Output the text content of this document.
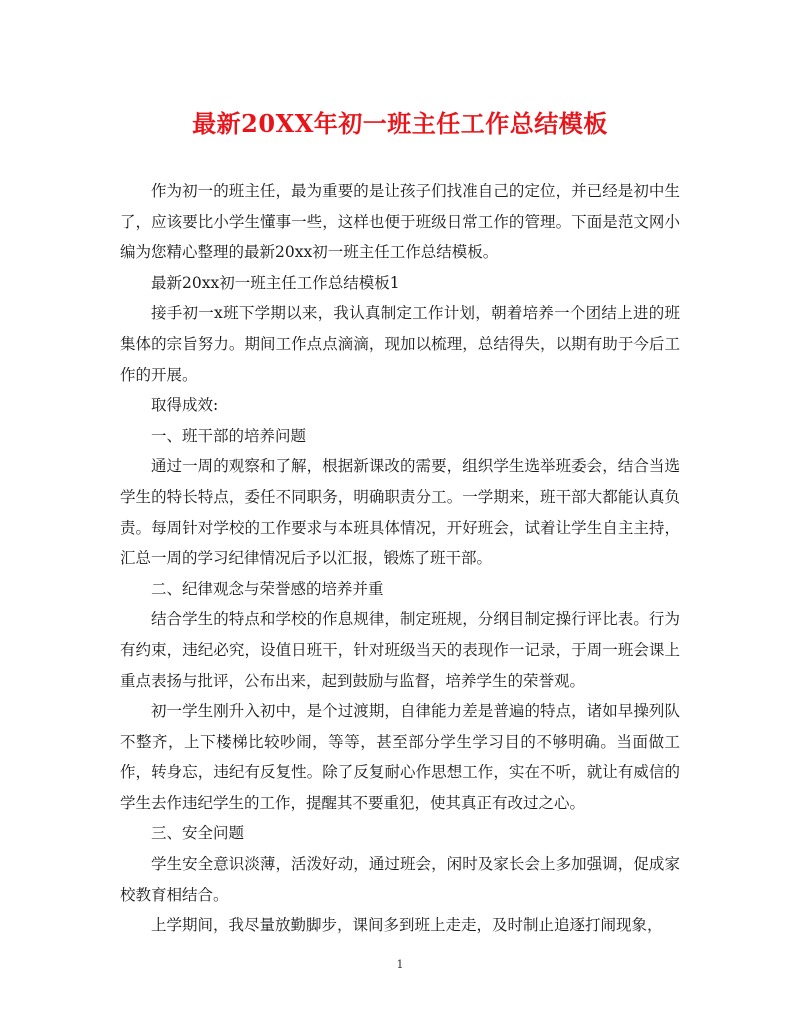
最新20XX年初一班主任工作总结模板

作为初一的班主任，最为重要的是让孩子们找准自己的定位，并已经是初中生了，应该要比小学生懂事一些，这样也便于班级日常工作的管理。下面是范文网小编为您精心整理的最新20xx初一班主任工作总结模板。

最新20xx初一班主任工作总结模板1

接手初一x班下学期以来，我认真制定工作计划，朝着培养一个团结上进的班集体的宗旨努力。期间工作点点滴滴，现加以梳理，总结得失，以期有助于今后工作的开展。

取得成效:

一、班干部的培养问题

通过一周的观察和了解，根据新课改的需要，组织学生选举班委会，结合当选学生的特长特点，委任不同职务，明确职责分工。一学期来，班干部大都能认真负责。每周针对学校的工作要求与本班具体情况，开好班会，试着让学生自主主持，汇总一周的学习纪律情况后予以汇报，锻炼了班干部。

二、纪律观念与荣誉感的培养并重

结合学生的特点和学校的作息规律，制定班规，分纲目制定操行评比表。行为有约束，违纪必究，设值日班干，针对班级当天的表现作一记录，于周一班会课上重点表扬与批评，公布出来，起到鼓励与监督，培养学生的荣誉观。

初一学生刚升入初中，是个过渡期，自律能力差是普遍的特点，诸如早操列队不整齐，上下楼梯比较吵闹，等等，甚至部分学生学习目的不够明确。当面做工作，转身忘，违纪有反复性。除了反复耐心作思想工作，实在不听，就让有威信的学生去作违纪学生的工作，提醒其不要重犯，使其真正有改过之心。

三、安全问题

学生安全意识淡薄，活泼好动，通过班会，闲时及家长会上多加强调，促成家校教育相结合。

上学期间，我尽量放勤脚步，课间多到班上走走，及时制止追逐打闹现象，

1
